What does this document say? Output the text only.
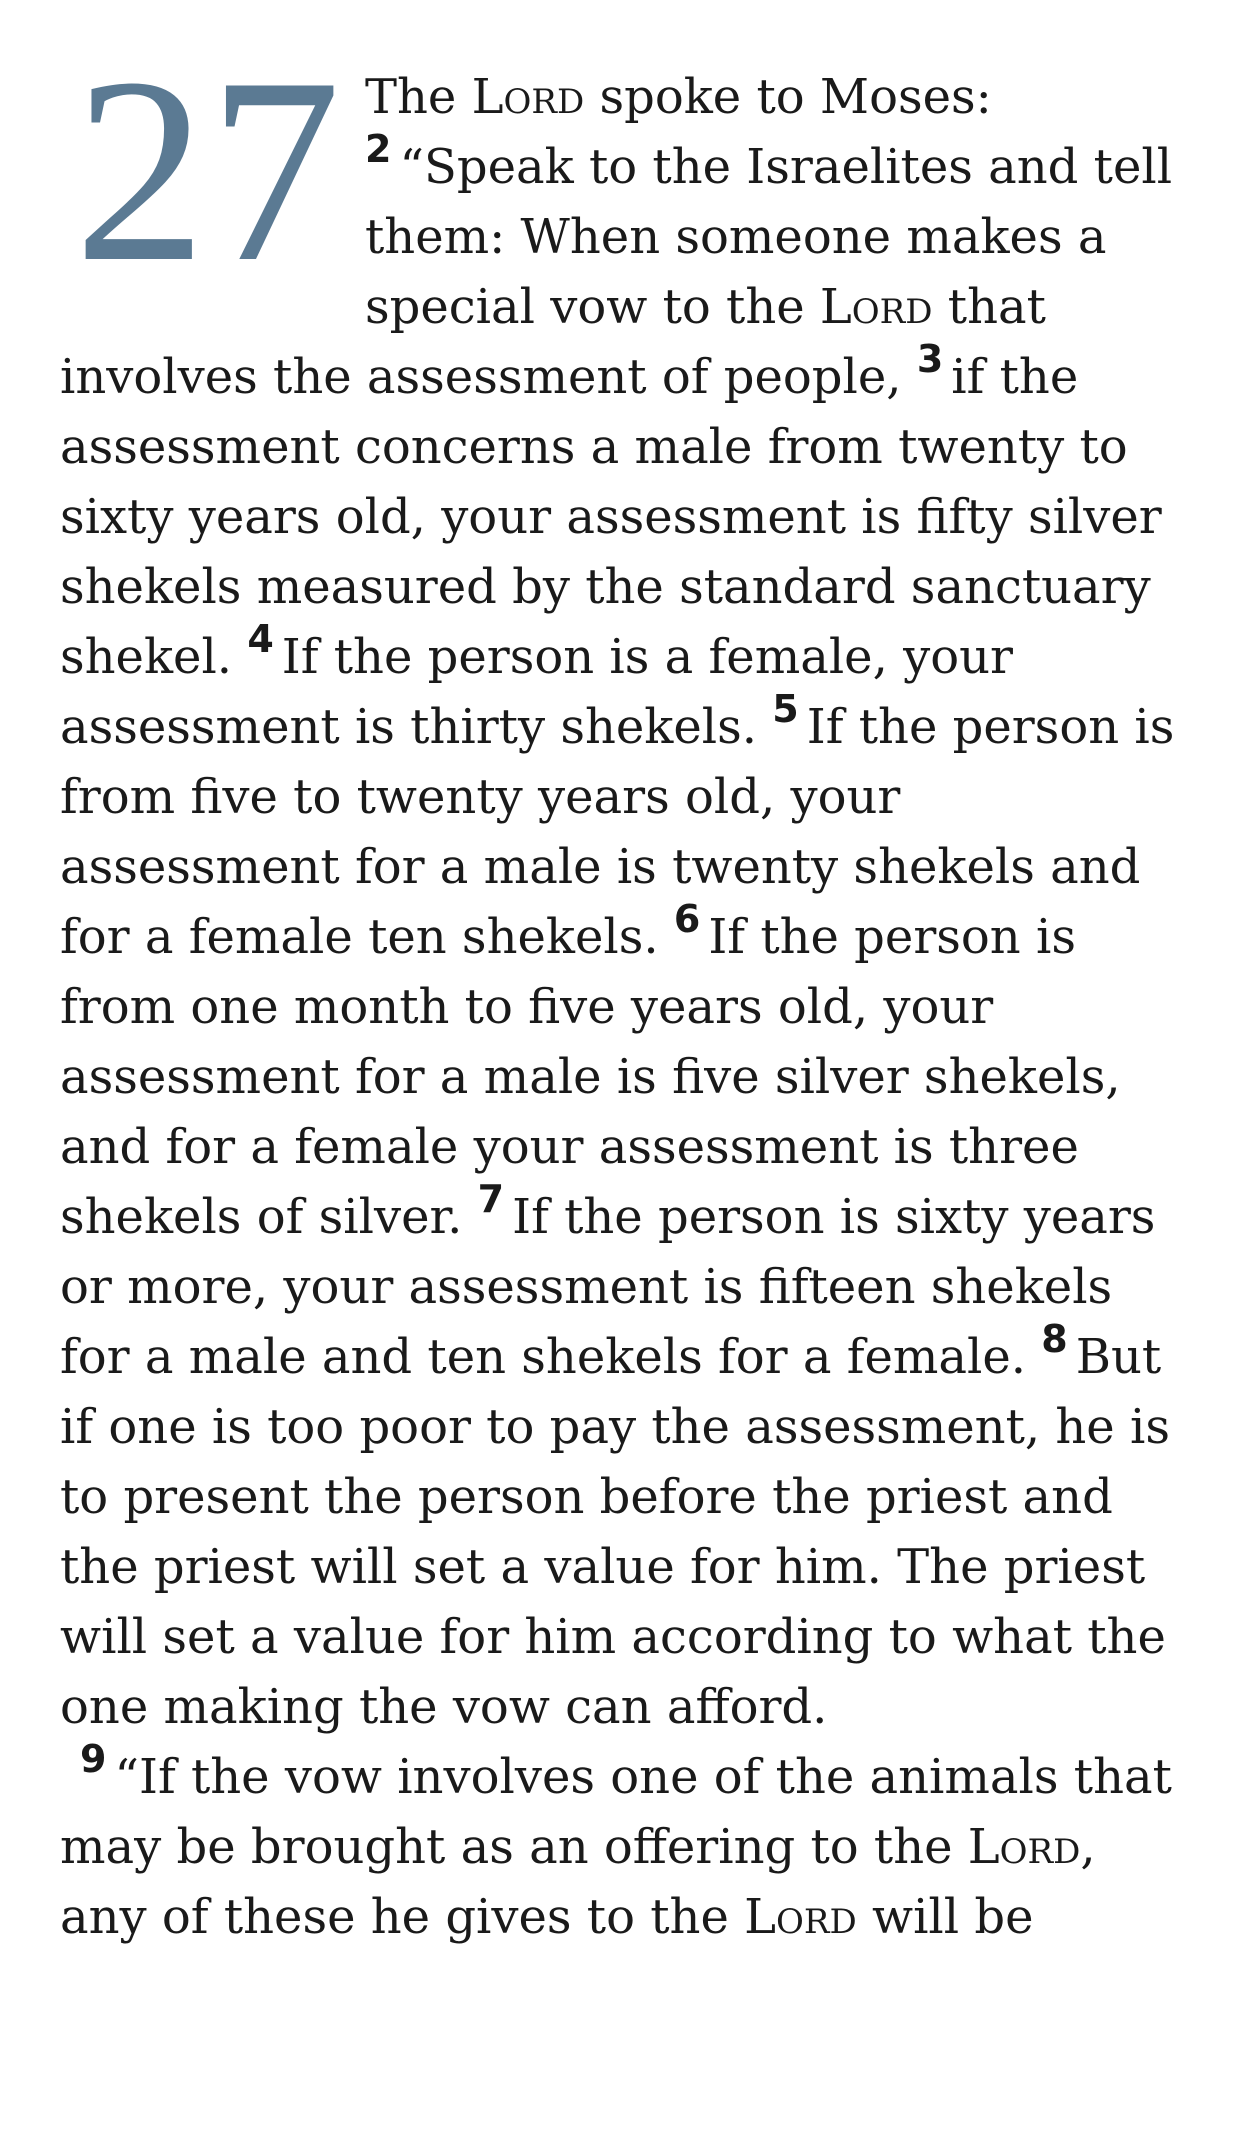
27 The Lord spoke to Moses: $^2$ “Speak to the Israelites and tell them: When someone makes a special vow to the Lord that involves the assessment of people, $^3$ if the assessment concerns a male from twenty to sixty years old, your assessment is fifty silver shekels measured by the standard sanctuary shekel. $^4$ If the person is a female, your assessment is thirty shekels. $^5$ If the person is from five to twenty years old, your assessment for a male is twenty shekels and for a female ten shekels. $^6$ If the person is from one month to five years old, your assessment for a male is five silver shekels, and for a female your assessment is three shekels of silver. $^7$ If the person is sixty years or more, your assessment is fifteen shekels for a male and ten shekels for a female. $^8$ But if one is too poor to pay the assessment, he is to present the person before the priest and the priest will set a value for him. The priest will set a value for him according to what the one making the vow can afford.

$^9$ “If the vow involves one of the animals that may be brought as an offering to the Lord, any of these he gives to the Lord will be
